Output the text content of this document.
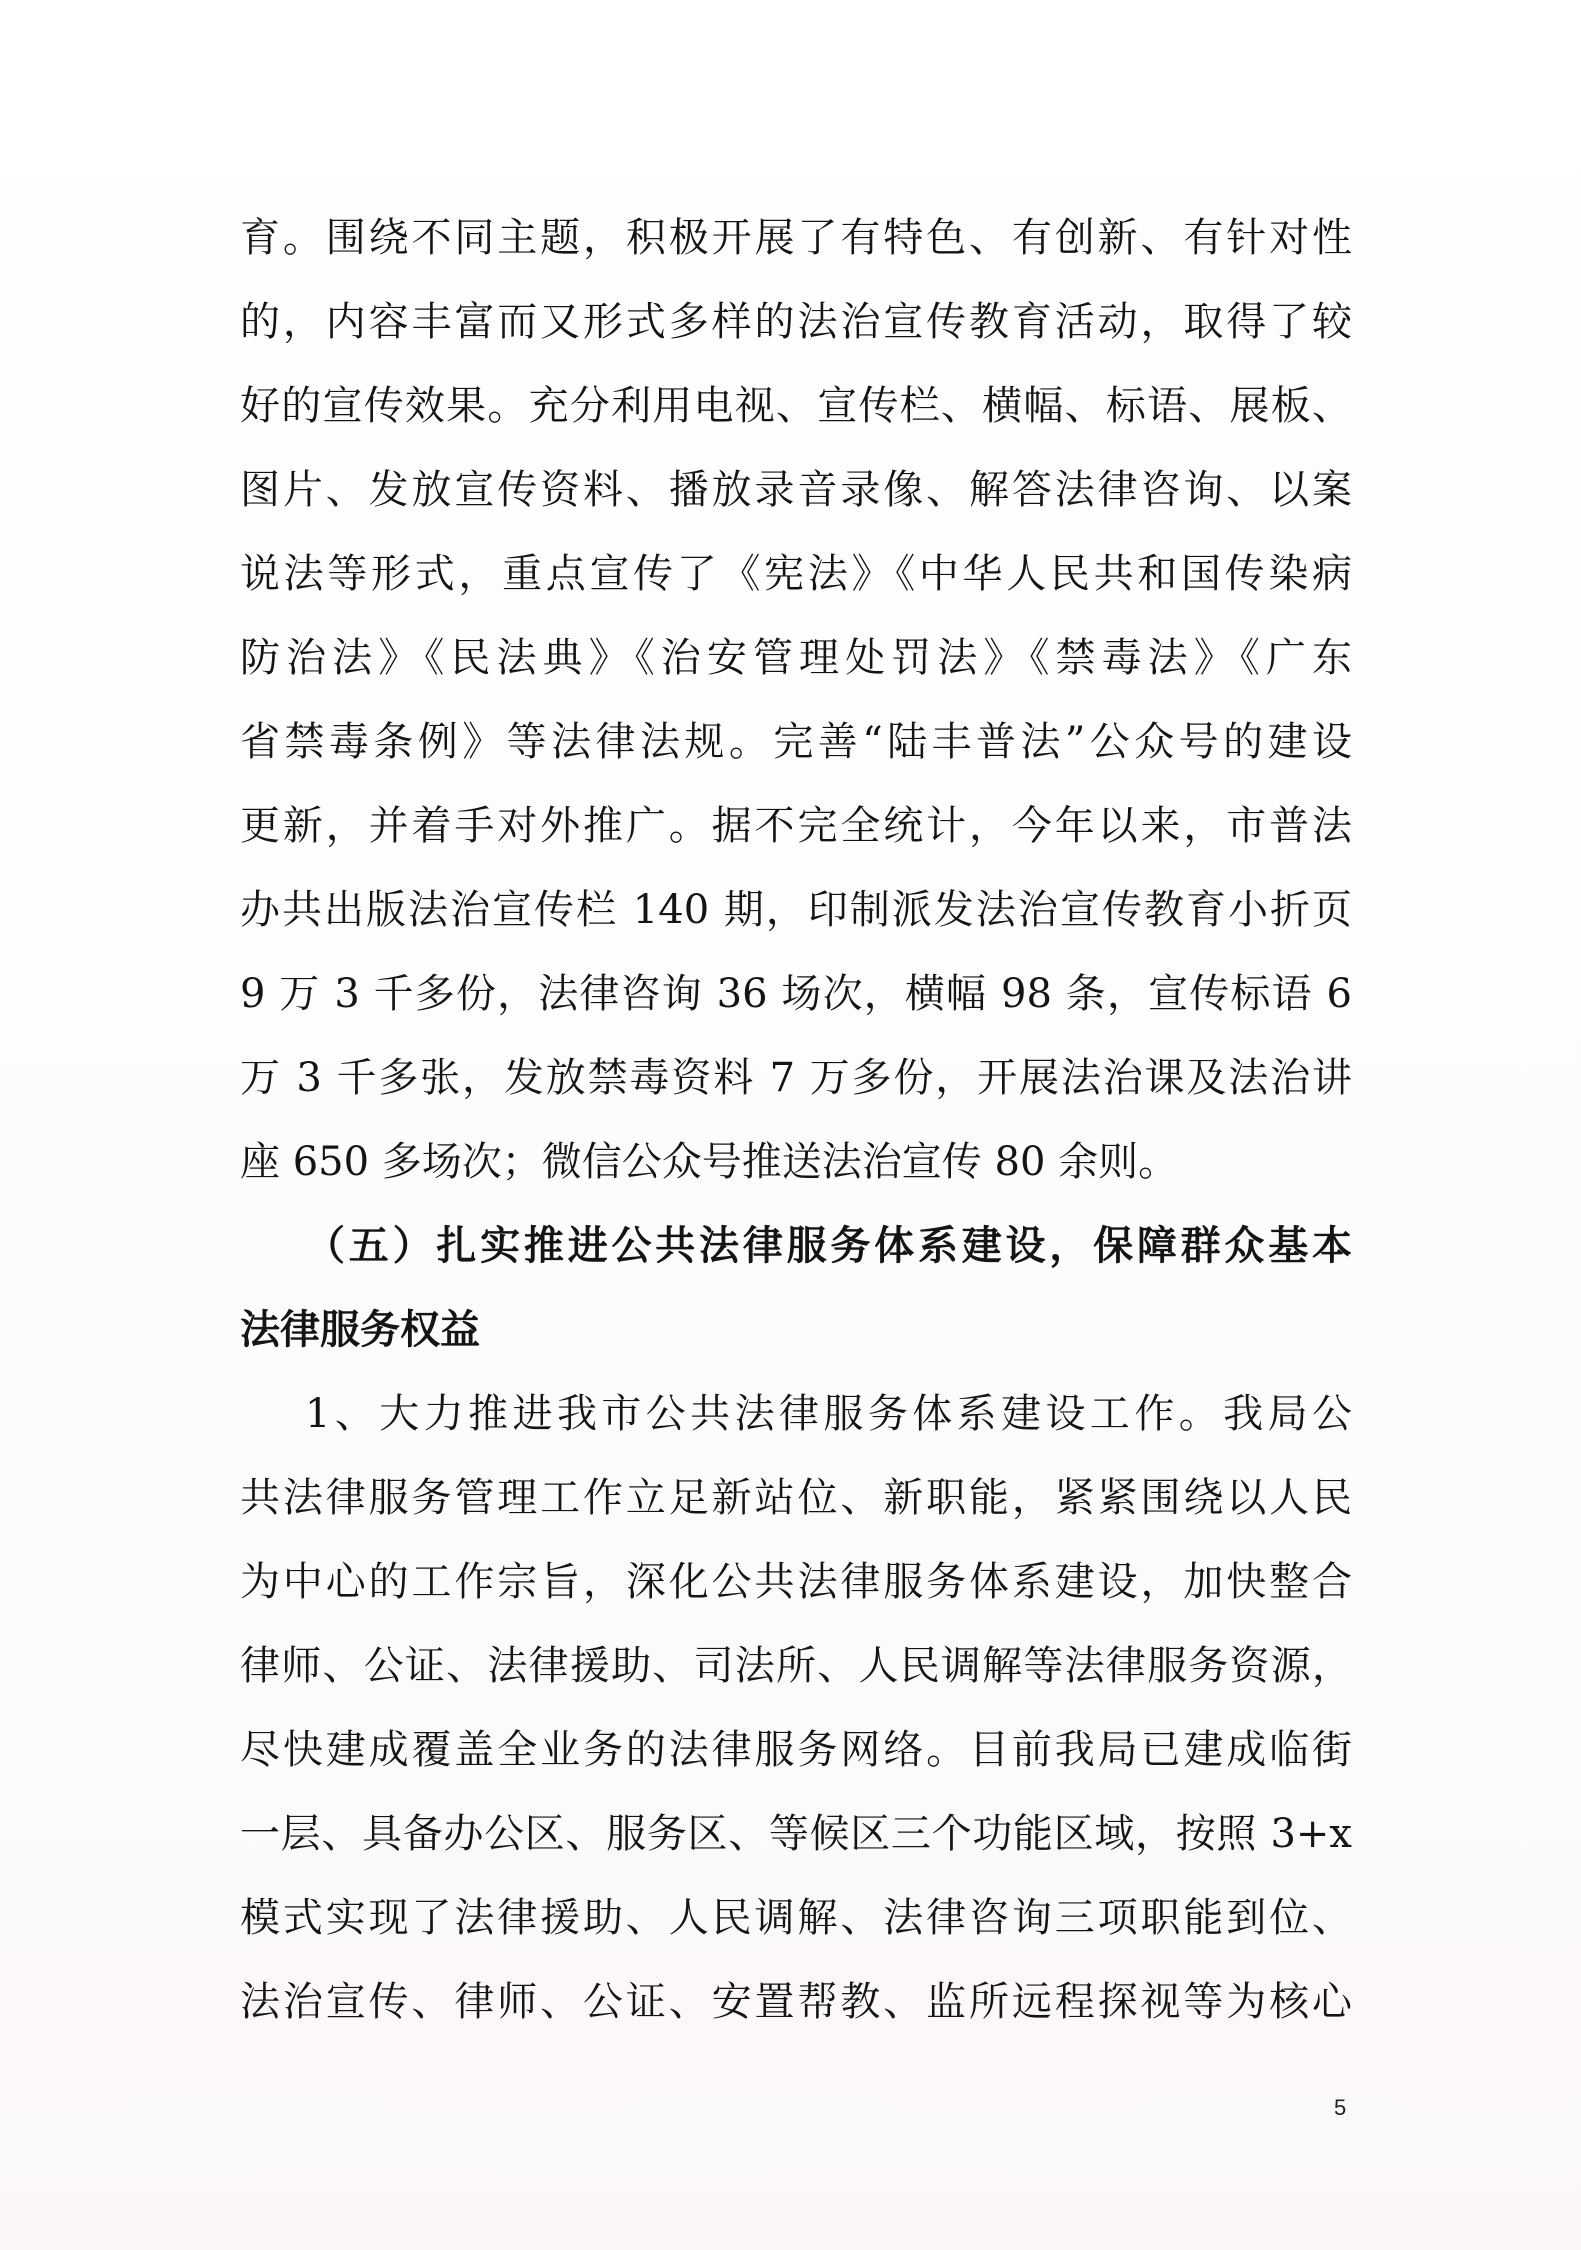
育。围绕不同主题，积极开展了有特色、有创新、有针对性
的，内容丰富而又形式多样的法治宣传教育活动，取得了较
好的宣传效果。充分利用电视、宣传栏、横幅、标语、展板、
图片、发放宣传资料、播放录音录像、解答法律咨询、以案
说法等形式，重点宣传了《宪法》《中华人民共和国传染病
防治法》《民法典》《治安管理处罚法》《禁毒法》《广东
省禁毒条例》等法律法规。完善“陆丰普法”公众号的建设
更新，并着手对外推广。据不完全统计，今年以来，市普法
办共出版法治宣传栏 140 期，印制派发法治宣传教育小折页
9 万 3 千多份，法律咨询 36 场次，横幅 98 条，宣传标语 6
万 3 千多张，发放禁毒资料 7 万多份，开展法治课及法治讲
座 650 多场次；微信公众号推送法治宣传 80 余则。
（五）扎实推进公共法律服务体系建设，保障群众基本
法律服务权益
1、大力推进我市公共法律服务体系建设工作。我局公
共法律服务管理工作立足新站位、新职能，紧紧围绕以人民
为中心的工作宗旨，深化公共法律服务体系建设，加快整合
律师、公证、法律援助、司法所、人民调解等法律服务资源，
尽快建成覆盖全业务的法律服务网络。目前我局已建成临街
一层、具备办公区、服务区、等候区三个功能区域，按照 3+x
模式实现了法律援助、人民调解、法律咨询三项职能到位、
法治宣传、律师、公证、安置帮教、监所远程探视等为核心
5
